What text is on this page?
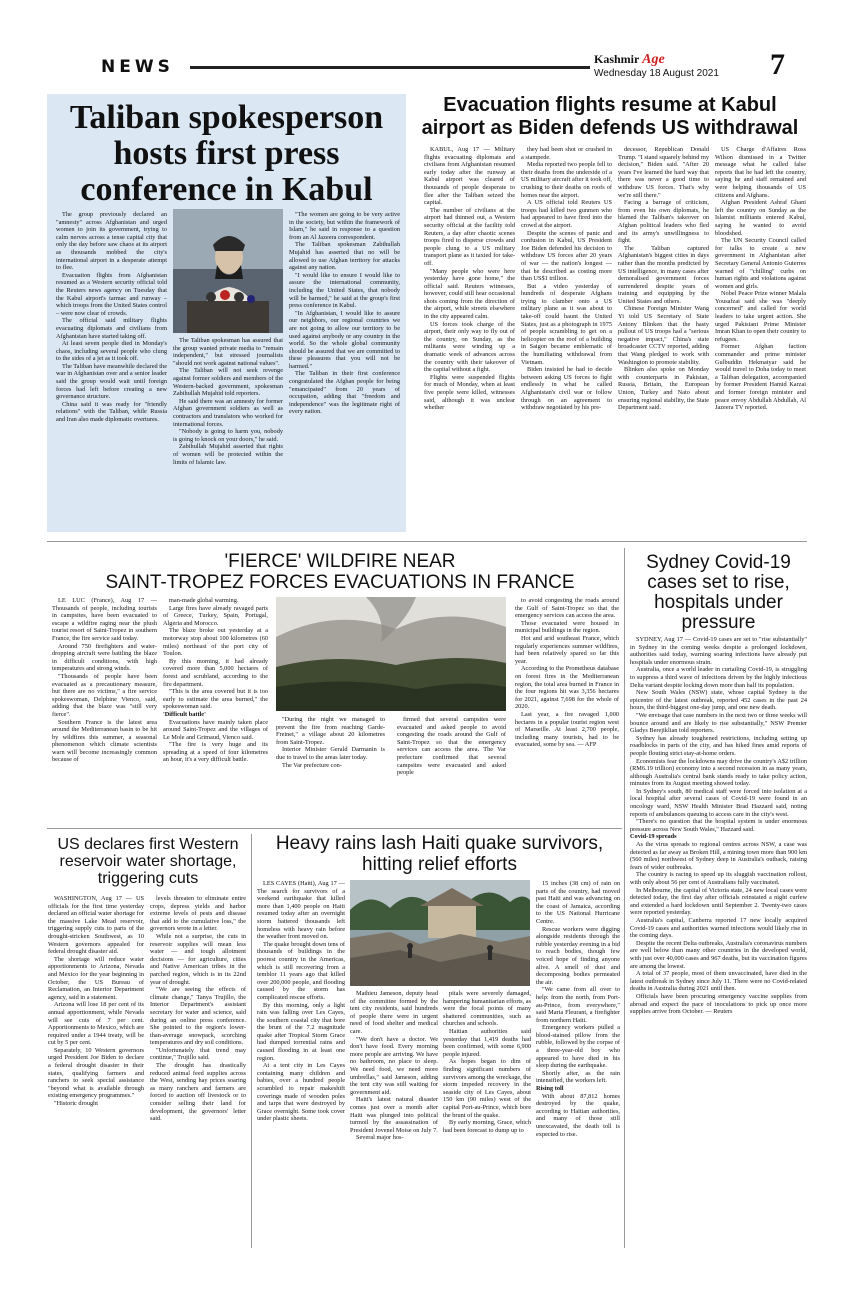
NEWS	Kashmir Age
Wednesday 18 August 2021 7
Taliban spokesperson hosts first press conference in Kabul

The group previously declared an "amnesty" across Afghanistan and urged women to join its government, trying to calm nerves across a tense capital city that only the day before saw chaos at its airport as thousands mobbed the city's international airport in a desperate attempt to flee.

Evacuation flights from Afghanistan resumed as a Western security official told the Reuters news agency on Tuesday that the Kabul airport's tarmac and runway – which troops from the United States control – were now clear of crowds.

The official said military flights evacuating diplomats and civilians from Afghanistan have started taking off.

At least seven people died in Monday's chaos, including several people who clung to the sides of a jet as it took off.

The Taliban have meanwhile declared the war in Afghanistan over and a senior leader said the group would wait until foreign forces had left before creating a new governance structure.

China said it was ready for "friendly relations" with the Taliban, while Russia and Iran also made diplomatic overtures.

The Taliban spokesman has assured that the group wanted private media to "remain independent," but stressed journalists "should not work against national values".

The Taliban will not seek revenge against former soldiers and members of the Western-backed government, spokesman Zabihullah Mujahid told reporters.

He said there was an amnesty for former Afghan government soldiers as well as contractors and translators who worked for international forces.

"Nobody is going to harm you, nobody is going to knock on your doors," he said.

Zabihullah Mujahid asserted that rights of women will be protected within the limits of Islamic law.

"The women are going to be very active in the society, but within the framework of Islam," he said in response to a question from an Al Jazeera correspondent.

The Taliban spokesman Zabihullah Mujahid has asserted that no will be allowed to use Afghan territory for attacks against any nation.

"I would like to ensure I would like to assure the international community, including the United States, that nobody will be harmed," he said at the group's first press conference in Kabul.

"In Afghanistan, I would like to assure our neighbors, our regional countries we are not going to allow our territory to be used against anybody or any country in the world. So the whole global community should be assured that we are committed to these pleasures that you will not be harmed."

The Taliban in their first conference congratulated the Afghan people for being "emancipated" from 20 years of occupation, adding that "freedom and independence" was the legitimate right of every nation.

Evacuation flights resume at Kabul airport as Biden defends US withdrawal

KABUL, Aug 17 — Military flights evacuating diplomats and civilians from Afghanistan resumed early today after the runway at Kabul airport was cleared of thousands of people desperate to flee after the Taliban seized the capital.

The number of civilians at the airport had thinned out, a Western security official at the facility told Reuters, a day after chaotic scenes troops fired to disperse crowds and people clung to a US military transport plane as it taxied for take-off.

"Many people who were here yesterday have gone home," the official said. Reuters witnesses, however, could still hear occasional shots coming from the direction of the airport, while streets elsewhere in the city appeared calm.

US forces took charge of the airport, their only way to fly out of the country, on Sunday, as the militants were winding up a dramatic week of advances across the country with their takeover of the capital without a fight.

Flights were suspended flights for much of Monday, when at least five people were killed, witnesses said, although it was unclear whether

they had been shot or crushed in a stampede.

Media reported two people fell to their deaths from the underside of a US military aircraft after it took off, crushing to their deaths on roofs of homes near the airport.

A US official told Reuters US troops had killed two gunmen who had appeared to have fired into the crowd at the airport.

Despite the scenes of panic and confusion in Kabul, US President Joe Biden defended his decision to withdraw US forces after 20 years of war — the nation's longest — that he described as costing more than US$1 trillion.

But a video yesterday of hundreds of desperate Afghans trying to clamber onto a US military plane as it was about to take-off could haunt the United States, just as a photograph in 1975 of people scrambling to get on a helicopter on the roof of a building in Saigon became emblematic of the humiliating withdrawal from Vietnam.

Biden insisted he had to decide between asking US forces to fight endlessly in what he called Afghanistan's civil war or follow through on an agreement to withdraw negotiated by his pre-

decessor, Republican Donald Trump. "I stand squarely behind my decision," Biden said. "After 20 years I've learned the hard way that there was never a good time to withdraw US forces. That's why we're still there."

Facing a barrage of criticism, from even his own diplomats, he blamed the Taliban's takeover on Afghan political leaders who fled and its army's unwillingness to fight.

The Taliban captured Afghanistan's biggest cities in days rather than the months predicted by US intelligence, in many cases after demoralised government forces surrendered despite years of training and equipping by the United States and others.

Chinese Foreign Minister Wang Yi told US Secretary of State Antony Blinken that the hasty pullout of US troops had a "serious negative impact," China's state broadcaster CCTV reported, adding that Wang pledged to work with Washington to promote stability.

Blinken also spoke on Monday with counterparts in Pakistan, Russia, Britain, the European Union, Turkey and Nato about ensuring regional stability, the State Department said.

US Charge d'Affaires Ross Wilson dismissed in a Twitter message what he called false reports that he had left the country, saying he and staff remained and were helping thousands of US citizens and Afghans.

Afghan President Ashraf Ghani left the country on Sunday as the Islamist militants entered Kabul, saying he wanted to avoid bloodshed.

The UN Security Council called for talks to create a new government in Afghanistan after Secretary General Antonio Guterres warned of "chilling" curbs on human rights and violations against women and girls.

Nobel Peace Prize winner Malala Yousafzai said she was "deeply concerned" and called for world leaders to take urgent action. She urged Pakistani Prime Minister Imran Khan to open their country to refugees.

Former Afghan faction commander and prime minister Gulbuddin Hekmatyar said he would travel to Doha today to meet a Taliban delegation, accompanied by former President Hamid Karzai and former foreign minister and peace envoy Abdullah Abdullah, Al Jazeera TV reported.

'FIERCE' WILDFIRE NEAR
SAINT-TROPEZ FORCES EVACUATIONS IN FRANCE

LE LUC (France), Aug 17 — Thousands of people, including tourists in campsites, have been evacuated to escape a wildfire raging near the plush tourist resort of Saint-Tropez in southern France, the fire service said today.

Around 750 firefighters and water-dropping aircraft were battling the blaze in difficult conditions, with high temperatures and strong winds.

"Thousands of people have been evacuated as a precautionary measure, but there are no victims," a fire service spokeswoman, Delphine Vienco, said, adding that the blaze was "still very fierce".

Southern France is the latest area around the Mediterranean basin to be hit by wildfires this summer, a seasonal phenomenon which climate scientists warn will become increasingly common because of

man-made global warming.

Large fires have already ravaged parts of Greece, Turkey, Spain, Portugal, Algeria and Morocco.

The blaze broke out yesterday at a motorway stop about 100 kilometres (60 miles) northeast of the port city of Toulon.

By this morning, it had already covered more than 5,000 hectares of forest and scrubland, according to the fire department.

"This is the area covered but it is too early to estimate the area burned," the spokeswoman said.

'Difficult battle'

Evacuations have mainly taken place around Saint-Tropez and the villages of Le Mole and Grimaud, Vienco said.

"The fire is very huge and its spreading at a speed of four kilometres an hour, it's a very difficult battle.

"During the night we managed to prevent the fire from reaching Garde-Freinet," a village about 20 kilometres from Saint-Tropez.

Interior Minister Gerald Darmanin is due to travel to the areas later today.

The Var prefecture con-

firmed that several campsites were evacuated and asked people to avoid congesting the roads around the Gulf of Saint-Tropez so that the emergency services can access the area. The Var prefecture confirmed that several campsites were evacuated and asked people

to avoid congesting the roads around the Gulf of Saint-Tropez so that the emergency services can access the area.

Those evacuated were housed in municipal buildings in the region.

Hot and arid southeast France, which regularly experiences summer wildfires, had been relatively spared so far this year.

According to the Prometheus database on forest fires in the Mediterranean region, the total area burned in France in the four regions hit was 3,356 hectares for 2021, against 7,698 for the whole of 2020.

Last year, a fire ravaged 1,000 hectares in a popular tourist region west of Marseille. At least 2,700 people, including many tourists, had to be evacuated, some by sea. — AFP

Sydney Covid-19 cases set to rise, hospitals under pressure

SYDNEY, Aug 17 — Covid-19 cases are set to "rise substantially" in Sydney in the coming weeks despite a prolonged lockdown, authorities said today, warning soaring infections have already put hospitals under enormous strain.

Australia, once a world leader in curtailing Covid-19, is struggling to suppress a third wave of infections driven by the highly infectious Delta variant despite locking down more than half its population.

New South Wales (NSW) state, whose capital Sydney is the epicentre of the latest outbreak, reported 452 cases in the past 24 hours, the third-biggest one-day jump, and one new death.

"We envisage that case numbers in the next two or three weeks will bounce around and are likely to rise substantially," NSW Premier Gladys Berejiklian told reporters.

Sydney has already toughened restrictions, including setting up roadblocks in parts of the city, and has hiked fines amid reports of people flouting strict stay-at-home orders.

Economists fear the lockdowns may drive the country's A$2 trillion (RM6.19 trillion) economy into a second recession in as many years, although Australia's central bank stands ready to take policy action, minutes from its August meeting showed today.

In Sydney's south, 80 medical staff were forced into isolation at a local hospital after several cases of Covid-19 were found in an oncology ward, NSW Health Minister Brad Hazzard said, noting reports of ambulances queuing to access care in the city's west.

"There's no question that the hospital system is under enormous pressure across New South Wales," Hazzard said.

Covid-19 spreads

As the virus spreads to regional centres across NSW, a case was detected as far away as Broken Hill, a mining town more than 900 km (560 miles) northwest of Sydney deep in Australia's outback, raising fears of wider outbreaks.

The country is racing to speed up its sluggish vaccination rollout, with only about 56 per cent of Australians fully vaccinated.

In Melbourne, the capital of Victoria state, 24 new local cases were detected today, the first day after officials reinstated a night curfew and extended a hard lockdown until September 2. Twenty-two cases were reported yesterday.

Australia's capital, Canberra reported 17 new locally acquired Covid-19 cases and authorities warned infections would likely rise in the coming days.

Despite the recent Delta outbreaks, Australia's coronavirus numbers are well below than many other countries in the developed world, with just over 40,000 cases and 967 deaths, but its vaccination figures are among the lowest.

A total of 37 people, most of them unvaccinated, have died in the latest outbreak in Sydney since July 11. There were no Covid-related deaths in Australia during 2021 until then.

Officials have been procuring emergency vaccine supplies from abroad and expect the pace of inoculations to pick up once more supplies arrive from October. — Reuters

US declares first Western reservoir water shortage, triggering cuts

WASHINGTON, Aug 17 — US officials for the first time yesterday declared an official water shortage for the massive Lake Mead reservoir, triggering supply cuts to parts of the drought-stricken Southwest, as 10 Western governors appealed for federal drought disaster aid.

The shortage will reduce water apportionments to Arizona, Nevada and Mexico for the year beginning in October, the US Bureau of Reclamation, an Interior Department agency, said in a statement.

Arizona will lose 18 per cent of its annual apportionment, while Nevada will see cuts of 7 per cent. Apportionments to Mexico, which are required under a 1944 treaty, will be cut by 5 per cent.

Separately, 10 Western governors urged President Joe Biden to declare a federal drought disaster in their states, qualifying farmers and ranchers to seek special assistance "beyond what is available through existing emergency programmes."

"Historic drought

levels threaten to eliminate entire crops, depress yields and harbor extreme levels of pests and disease that add to the cumulative loss," the governors wrote in a letter.

While not a surprise, the cuts in reservoir supplies will mean less water — and tough allotment decisions — for agriculture, cities and Native American tribes in the parched region, which is in its 22nd year of drought.

"We are seeing the effects of climate change," Tanya Trujillo, the Interior Department's assistant secretary for water and science, said during an online press conference. She pointed to the region's lower-than-average snowpack, scorching temperatures and dry soil conditions.

"Unfortunately that trend may continue," Trujillo said.

The drought has drastically reduced animal feed supplies across the West, sending hay prices soaring as many ranchers and farmers are forced to auction off livestock or to consider selling their land for development, the governors' letter said.

Heavy rains lash Haiti quake survivors, hitting relief efforts

LES CAYES (Haiti), Aug 17 — The search for survivors of a weekend earthquake that killed more than 1,400 people on Haiti resumed today after an overnight storm battered thousands left homeless with heavy rain before the weather front moved on.

The quake brought down tens of thousands of buildings in the poorest country in the Americas, which is still recovering from a temblor 11 years ago that killed over 200,000 people, and flooding caused by the storm has complicated rescue efforts.

By this morning, only a light rain was falling over Les Cayes, the southern coastal city that bore the brunt of the 7.2 magnitude quake after Tropical Storm Grace had dumped torrential rains and caused flooding in at least one region.

At a tent city in Les Cayes containing many children and babies, over a hundred people scrambled to repair makeshift coverings made of wooden poles and tarps that were destroyed by Grace overnight. Some took cover under plastic sheets.

Mathieu Jameson, deputy head of the committee formed by the tent city residents, said hundreds of people there were in urgent need of food shelter and medical care.

"We don't have a doctor. We don't have food. Every morning more people are arriving. We have no bathroom, no place to sleep. We need food, we need more umbrellas," said Jameson, adding the tent city was still waiting for government aid.

Haiti's latest natural disaster comes just over a month after Haiti was plunged into political turmoil by the assassination of President Jovenel Moise on July 7.

Several major hos-

pitals were severely damaged, hampering humanitarian efforts, as were the focal points of many shattered communities, such as churches and schools.

Haitian authorities said yesterday that 1,419 deaths had been confirmed, with some 6,900 people injured.

As hopes began to dim of finding significant numbers of survivors among the wreckage, the storm impeded recovery in the seaside city of Les Cayes, about 150 km (90 miles) west of the capital Port-au-Prince, which bore the brunt of the quake.

By early morning, Grace, which had been forecast to dump up to

15 inches (38 cm) of rain on parts of the country, had moved past Haiti and was advancing on the coast of Jamaica, according to the US National Hurricane Centre.

Rescue workers were digging alongside residents through the rubble yesterday evening in a bid to reach bodies, though few voiced hope of finding anyone alive. A smell of dust and decomposing bodies permeated the air.

"We came from all over to help: from the north, from Port-au-Prince, from everywhere," said Maria Fleurant, a firefighter from northern Haiti.

Emergency workers pulled a blood-stained pillow from the rubble, followed by the corpse of a three-year-old boy who appeared to have died in his sleep during the earthquake.

Shortly after, as the rain intensified, the workers left.

Rising toll

With about 87,812 homes destroyed by the quake, according to Haitian authorities, and many of those still unexcavated, the death toll is expected to rise.
